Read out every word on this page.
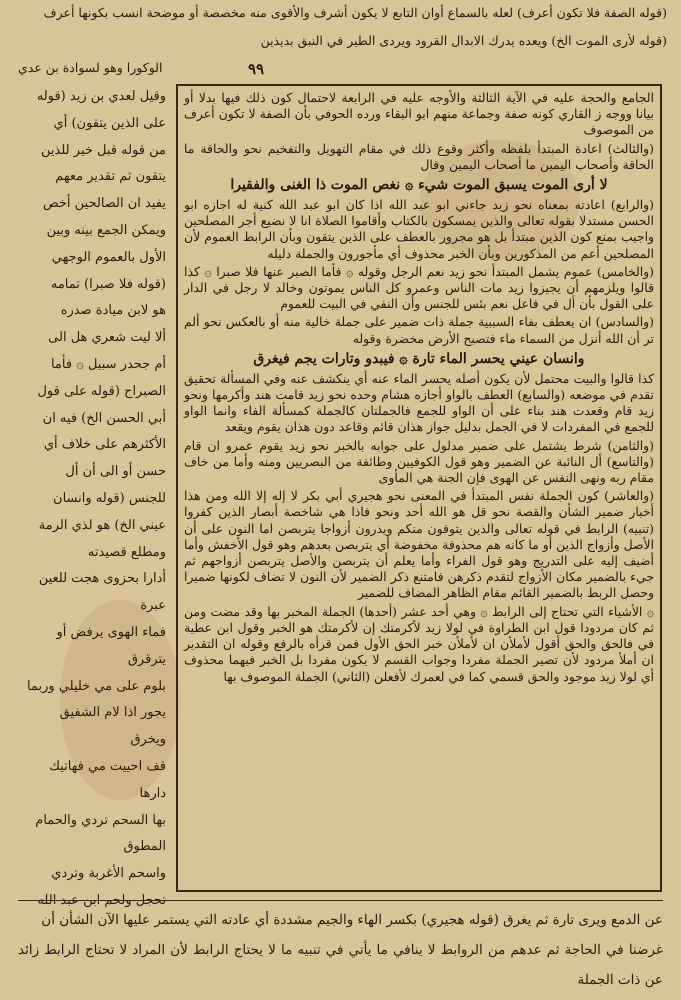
(قوله الصفة فلا تكون أعرف) لعله بالسماع أوان التابع لا يكون أشرف والأقوى منه مخصصة أو موضحة انسب بكونها أعرف
(قوله لأرى الموت الخ) ويعده يدرك الابدال القرود ويردى الطير في النبق بديذين
٩٩
الوكورا وهو لسوادة بن عدي

الجامع والحجة عليه في الآية الثالثة والأوجه عليه في الرابعة لاحتمال كون ذلك فيها بدلا أو بيانا ووجه ز القاري كونه صفة وجماعة منهم ابو البقاء ورده الحوفي بأن الصفة لا تكون أعرف من الموصوف

(والثالث) اعادة المبتدأ بلفظه وأكثر وقوع ذلك في مقام التهويل والتفخيم نحو والحاقة ما الحاقة وأصحاب اليمين ما أصحاب اليمين وقال

لا أرى الموت يسبق الموت شيء ۞ نغص الموت ذا الغنى والفقيرا

(والرابع) اعادته بمعناه نحو زيد جاءني ابو عبد الله اذا كان ابو عبد الله كنية له اجازه ابو الحسن مستدلا بقوله تعالى والذين يمسكون بالكتاب وأقاموا الصلاة انا لا نضيع أجر المصلحين واجيب بمنع كون الذين مبتدأ بل هو مجرور بالعطف على الذين يتقون وبأن الرابط العموم لأن المصلحين أعم من المذكورين وبأن الخبر محذوف أي مأجورون والجملة دليله

(والخامس) عموم يشمل المبتدأ نحو زيد نعم الرجل وقوله ۞ فأما الصبر عنها فلا صبرا ۞ كذا قالوا ويلزمهم أن يجيزوا زيد مات الناس وعمرو كل الناس يموتون وخالد لا رجل في الدار على القول بأن أل في فاعل نعم بئس للجنس وأن النفي في البيت للعموم

(والسادس) ان يعطف بفاء السببية جملة ذات ضمير على جملة خالية منه أو بالعكس نحو ألم تر أن الله أنزل من السماء ماء فتصبح الأرض مخضرة وقوله

وانسان عيني يحسر الماء تارة ۞ فيبدو وتارات يجم فيغرق

كذا قالوا والبيت محتمل لأن يكون أصله يحسر الماء عنه أي ينكشف عنه وفي المسألة تحقيق تقدم في موضعه (والسابع) العطف بالواو أجازه هشام وحده نحو زيد قامت هند وأكرمها ونحو زيد قام وقعدت هند بناء على أن الواو للجمع فالجملتان كالجملة كمسألة الفاء وانما الواو للجمع في المفردات لا في الجمل بدليل جواز هذان قائم وقاعد دون هذان يقوم ويقعد

(والثامن) شرط يشتمل على ضمير مدلول على جوابه بالخبر نحو زيد يقوم عمرو ان قام (والتاسع) أل النائبة عن الضمير وهو قول الكوفيين وطائفة من البصريين ومنه وأما من خاف مقام ربه ونهى النفس عن الهوى فإن الجنة هي المأوى

(والعاشر) كون الجملة نفس المبتدأ في المعنى نحو هجيري أبي بكر لا إله إلا الله ومن هذا أخبار ضمير الشأن والقصة نحو قل هو الله أحد ونحو فاذا هي شاخصة أبصار الذين كفروا (تنبيه) الرابط في قوله تعالى والذين يتوفون منكم ويذرون أزواجا يتربصن اما النون على أن الأصل وأزواج الذين أو ما كانه هم محذوفة مخفوضة أي يتربصن بعدهم وهو قول الأخفش وأما أضيف إليه على التدريج وهو قول الفراء وأما يعلم أن يتربصن والأصل يتربصن أزواجهم ثم جيء بالضمير مكان الأزواج لتقدم ذكرهن فامتنع ذكر الضمير لأن النون لا تضاف لكونها ضميرا وحصل الربط بالضمير القائم مقام الظاهر المضاف للضمير

۞ الأشياء التي تحتاج إلى الرابط ۞ وهي أحد عشر (أحدها) الجملة المخبر بها وقد مضت ومن ثم كان مردودا قول ابن الطراوة في لولا زيد لأكرمتك إن لأكرمتك هو الخبر وقول ابن عطية في فالحق والحق أقول لأملأن ان لأملأن خبر الحق الأول فمن قرأه بالرفع وقوله ان التقدير ان أملأ مردود لأن تصير الجملة مفردا وجواب القسم لا يكون مفردا بل الخبر فيهما محذوف أي لولا زيد موجود والحق قسمي كما في لعمرك لأفعلن (الثاني) الجملة الموصوف بها

وقيل لعدي بن زيد (قوله
على الذين يتقون) أي
من قوله قبل خير للذين
يتقون ثم تقدير معهم
يفيد ان الصالحين أخص
ويمكن الجمع بينه وبين
الأول بالعموم الوجهي
(قوله فلا صبرا) تمامه
هو لابن ميادة صدره
ألا ليت شعري هل الى
أم جحدر سبيل ۞ فأما
الصبراح (قوله على قول
أبي الحسن الخ) فيه ان
الأكثرهم على خلاف أي
حسن أو الى أن أل
للجنس (قوله وانسان
عيني الخ) هو لذي الرمة
ومطلع قصيدته
أدارا بحزوى هجت للعين
عبرة
فماء الهوى يرفض أو
يترقرق
بلوم على مي خليلي وربما
يجور اذا لام الشفيق
ويخرق
قف احييت مي فهاتيك
دارها
بها السحم تردي والحمام
المطوق
واسحم الأغربة وتردي
تحجل ولحم ابن عبد الله

عن الدمع ويرى تارة ثم يغرق (قوله هجيري) بكسر الهاء والجيم مشددة أي عادته التي يستمر عليها الآن الشأن أن

غرضنا في الحاجة ثم عدهم من الروابط لا ينافي ما يأتي في تنبيه ما لا يحتاج الرابط لأن المراد لا تحتاج الرابط زائد عن ذات الجملة
